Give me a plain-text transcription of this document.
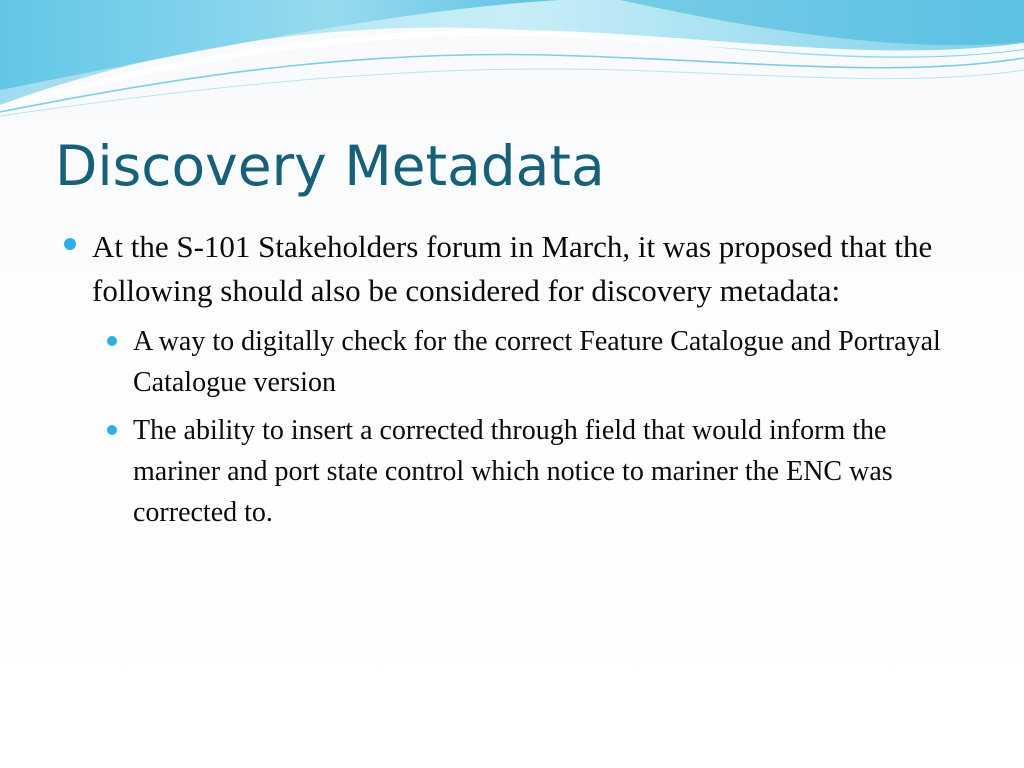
Discovery Metadata
At the S-101 Stakeholders forum in March, it was proposed that the following should also be considered for discovery metadata:
A way to digitally check for the correct Feature Catalogue and Portrayal Catalogue version
The ability to insert a corrected through field that would inform the mariner and port state control which notice to mariner the ENC was corrected to.
